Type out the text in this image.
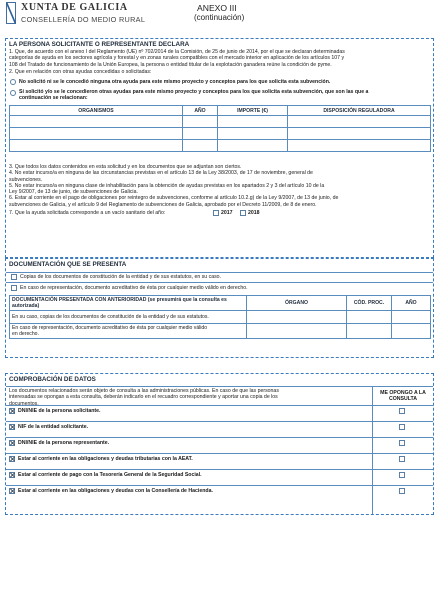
XUNTA DE GALICIA
CONSELLERÍA DO MEDIO RURAL
ANEXO III
(continuación)
LA PERSONA SOLICITANTE O REPRESENTANTE DECLARA
1. Que, de acuerdo con el anexo I del Reglamento (UE) nº 702/2014 de la Comisión, de 25 de junio de 2014, por el que se declaran determinadas
categorías de ayuda en los sectores agrícola y forestal y en zonas rurales compatibles con el mercado interior en aplicación de los artículos 107 y
108 del Tratado de funcionamiento de la Unión Europea, la persona o entidad titular de la explotación ganadera reúne la condición de pyme.
2. Que en relación con otras ayudas concedidas o solicitadas:
No solicitó ni se le concedió ninguna otra ayuda para este mismo proyecto y conceptos para los que solicita esta subvención.
Sí solicitó y/o se le concedieron otras ayudas para este mismo proyecto y conceptos para los que solicita esta subvención, que son las que a
continuación se relacionan:
ORGANISMOS	AÑO	IMPORTE (€)	DISPOSICIÓN REGULADORA

3. Que todos los datos contenidos en esta solicitud y en los documentos que se adjuntan son ciertos.
4. No estar incurso/a en ninguna de las circunstancias previstas en el artículo 13 de la Ley 38/2003, de 17 de noviembre, general de
subvenciones.
5. No estar incurso/a en ninguna clase de inhabilitación para la obtención de ayudas previstas en los apartados 2 y 3 del artículo 10 de la
Ley 9/2007, de 13 de junio, de subvenciones de Galicia.
6. Estar al corriente en el pago de obligaciones por reintegro de subvenciones, conforme al artículo 10.2.g) de la Ley 9/2007, de 13 de junio, de
subvenciones de Galicia, y el artículo 9 del Reglamento de subvenciones de Galicia, aprobado por el Decreto 11/2009, de 8 de enero.
7. Que la ayuda solicitada corresponde a un vacío sanitario del año:	2017	2018
DOCUMENTACIÓN QUE SE PRESENTA
Copias de los documentos de constitución de la entidad y de sus estatutos, en su caso.
En caso de representación, documento acreditativo de ésta por cualquier medio válido en derecho.
DOCUMENTACIÓN PRESENTADA CON ANTERIORIDAD (se presumirá que la consulta es
autorizada)	ÓRGANO	CÓD. PROC.	AÑO
En su caso, copias de los documentos de constitución de la entidad y de sus estatutos.			

En caso de representación, documento acreditativo de ésta por cualquier medio válido
en derecho.			

COMPROBACIÓN DE DATOS
Los documentos relacionados serán objeto de consulta a las administraciones públicas. En caso de que las personas
interesadas se opongan a esta consulta, deberán indicarlo en el recuadro correspondiente y aportar una copia de los
documentos.
ME OPONGO A LA
CONSULTA
DNI/NIE de la persona solicitante.
NIF de la entidad solicitante.
DNI/NIE de la persona representante.
Estar al corriente en las obligaciones y deudas tributarias con la AEAT.
Estar al corriente de pago con la Tesorería General de la Seguridad Social.
Estar al corriente en las obligaciones y deudas con la Consellería de Hacienda.
